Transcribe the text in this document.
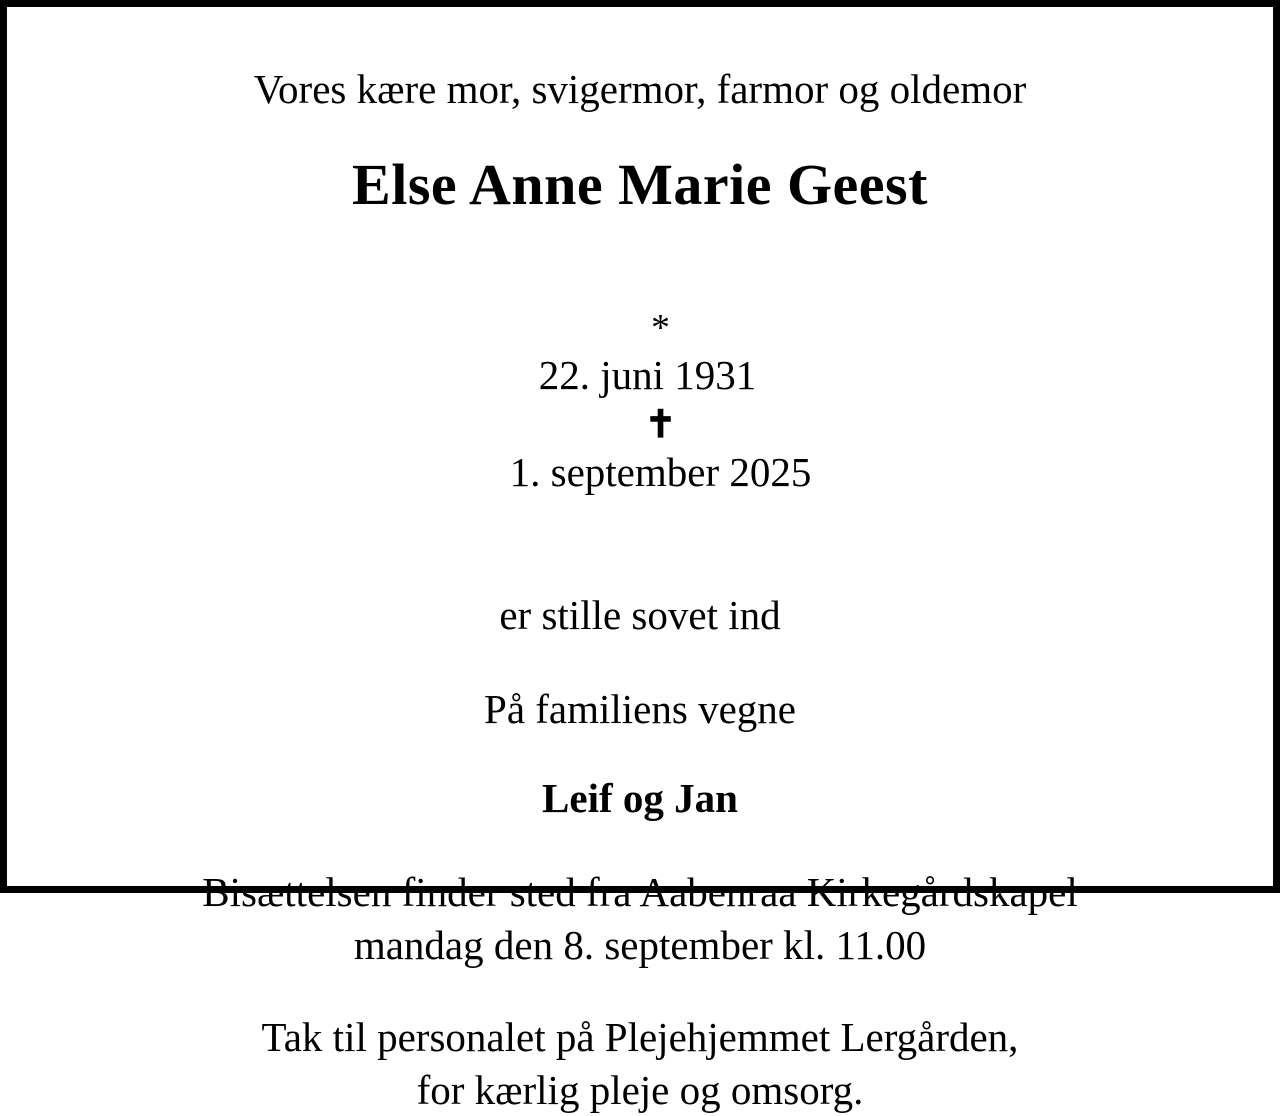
Vores kære mor, svigermor, farmor og oldemor
Else Anne Marie Geest

*
22. juni 1931
✝
1. september 2025

er stille sovet ind
På familiens vegne
Leif og Jan
Bisættelsen finder sted fra Aabenraa Kirkegårdskapel
mandag den 8. september kl. 11.00
Tak til personalet på Plejehjemmet Lergården,
for kærlig pleje og omsorg.
